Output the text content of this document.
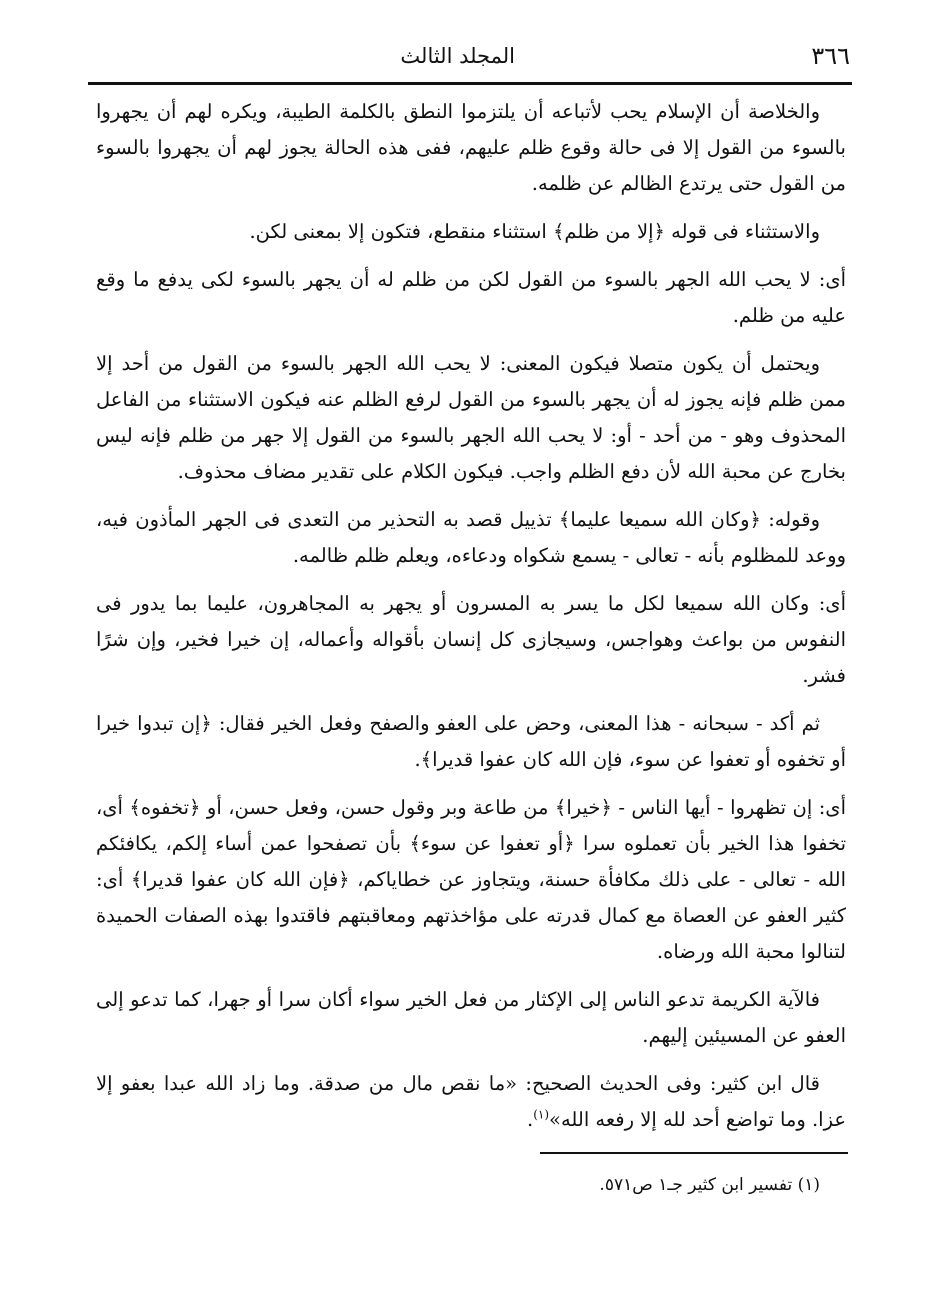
٣٦٦
المجلد الثالث

والخلاصة أن الإسلام يحب لأتباعه أن يلتزموا النطق بالكلمة الطيبة، ويكره لهم أن يجهروا بالسوء من القول إلا فى حالة وقوع ظلم عليهم، ففى هذه الحالة يجوز لهم أن يجهروا بالسوء من القول حتى يرتدع الظالم عن ظلمه.

والاستثناء فى قوله ﴿إلا من ظلم﴾ استثناء منقطع، فتكون إلا بمعنى لكن.

أى: لا يحب الله الجهر بالسوء من القول لكن من ظلم له أن يجهر بالسوء لكى يدفع ما وقع عليه من ظلم.

ويحتمل أن يكون متصلا فيكون المعنى: لا يحب الله الجهر بالسوء من القول من أحد إلا ممن ظلم فإنه يجوز له أن يجهر بالسوء من القول لرفع الظلم عنه فيكون الاستثناء من الفاعل المحذوف وهو - من أحد - أو: لا يحب الله الجهر بالسوء من القول إلا جهر من ظلم فإنه ليس بخارج عن محبة الله لأن دفع الظلم واجب. فيكون الكلام على تقدير مضاف محذوف.

وقوله: ﴿وكان الله سميعا عليما﴾ تذييل قصد به التحذير من التعدى فى الجهر المأذون فيه، ووعد للمظلوم بأنه - تعالى - يسمع شكواه ودعاءه، ويعلم ظلم ظالمه.

أى: وكان الله سميعا لكل ما يسر به المسرون أو يجهر به المجاهرون، عليما بما يدور فى النفوس من بواعث وهواجس، وسيجازى كل إنسان بأقواله وأعماله، إن خيرا فخير، وإن شرًا فشر.

ثم أكد - سبحانه - هذا المعنى، وحض على العفو والصفح وفعل الخير فقال: ﴿إن تبدوا خيرا أو تخفوه أو تعفوا عن سوء، فإن الله كان عفوا قديرا﴾.

أى: إن تظهروا - أيها الناس - ﴿خيرا﴾ من طاعة وبر وقول حسن، وفعل حسن، أو ﴿تخفوه﴾ أى، تخفوا هذا الخير بأن تعملوه سرا ﴿أو تعفوا عن سوء﴾ بأن تصفحوا عمن أساء إلكم، يكافئكم الله - تعالى - على ذلك مكافأة حسنة، ويتجاوز عن خطاياكم، ﴿فإن الله كان عفوا قديرا﴾ أى: كثير العفو عن العصاة مع كمال قدرته على مؤاخذتهم ومعاقبتهم فاقتدوا بهذه الصفات الحميدة لتنالوا محبة الله ورضاه.

فالآية الكريمة تدعو الناس إلى الإكثار من فعل الخير سواء أكان سرا أو جهرا، كما تدعو إلى العفو عن المسيئين إليهم.

قال ابن كثير: وفى الحديث الصحيح: «ما نقص مال من صدقة. وما زاد الله عبدا بعفو إلا عزا. وما تواضع أحد لله إلا رفعه الله»$^{(١)}$.

(١) تفسير ابن كثير جـ١ ص٥٧١.
